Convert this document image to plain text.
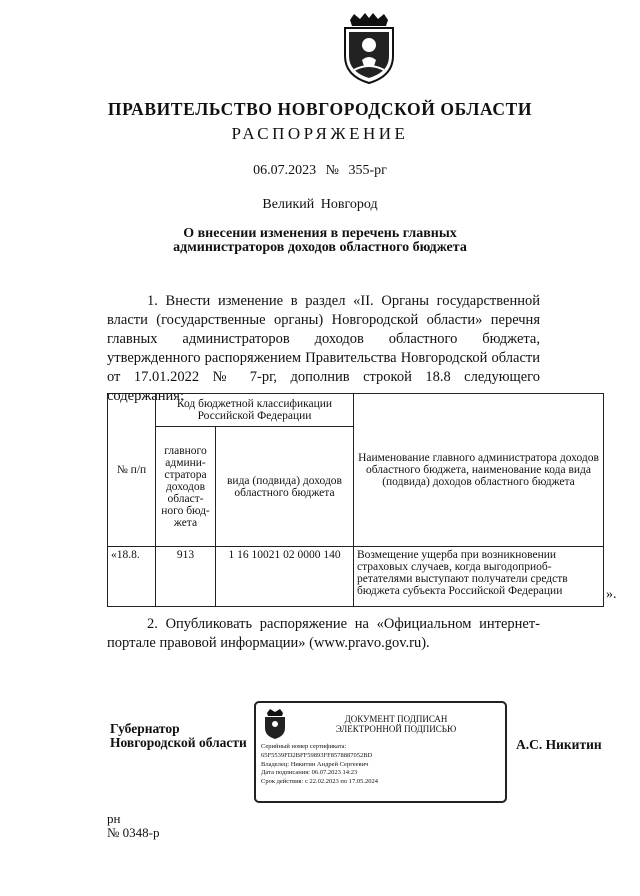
ПРАВИТЕЛЬСТВО НОВГОРОДСКОЙ ОБЛАСТИ
РАСПОРЯЖЕНИЕ
06.07.2023 № 355-рг
Великий Новгород
О внесении изменения в перечень главных
администраторов доходов областного бюджета
1. Внести изменение в раздел «II. Органы государственной власти (государственные органы) Новгородской области» перечня главных администраторов доходов областного бюджета, утвержденного распоряжением Правительства Новгородской области от 17.01.2022 № 7-рг, дополнив строкой 18.8 следующего содержания:
№ п/п	Код бюджетной классификации Российской Федерации		Наименование главного администратора доходов областного бюджета, наименование кода вида (подвида) доходов областного бюджета
	главного админи-стратора доходов област-ного бюд-жета	вида (подвида) доходов областного бюджета	
«18.8.	913	1 16 10021 02 0000 140	Возмещение ущерба при возникновении страховых случаев, когда выгодоприоб-ретателями выступают получатели средств бюджета субъекта Российской Федерации	».
2. Опубликовать распоряжение на «Официальном интернет-портале правовой информации» (www.pravo.gov.ru).
Губернатор
Новгородской области
ДОКУМЕНТ ПОДПИСАН
ЭЛЕКТРОННОЙ ПОДПИСЬЮ
Серийный номер сертификата:
65F5539FD2BFF59893FF8578887052BD
Владелец: Никитин Андрей Сергеевич
Дата подписания: 06.07.2023 14:23
Срок действия: с 22.02.2023 по 17.05.2024
А.С. Никитин
рн
№ 0348-р
